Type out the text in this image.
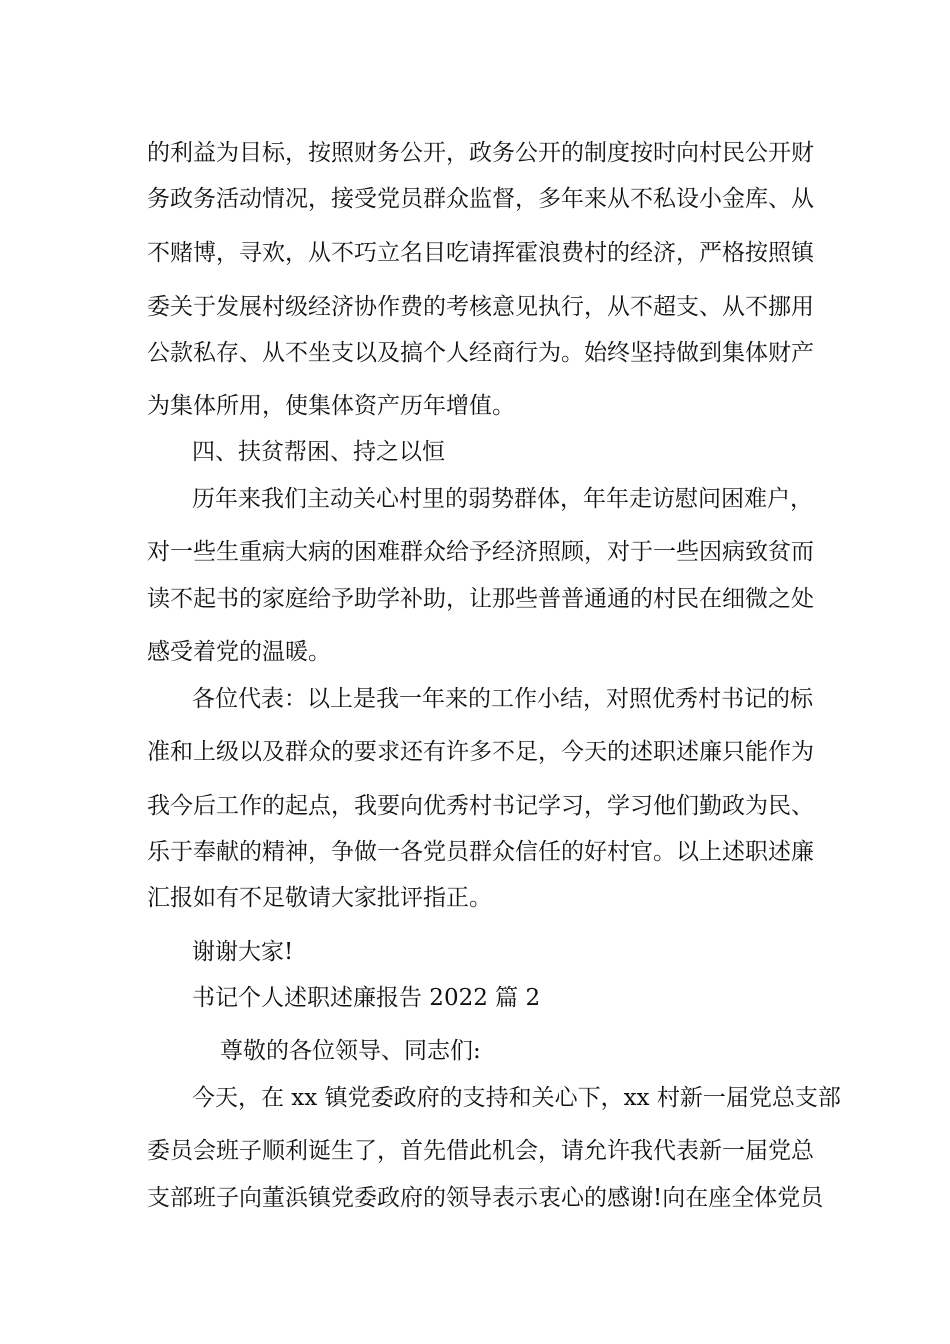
的利益为目标，按照财务公开，政务公开的制度按时向村民公开财
务政务活动情况，接受党员群众监督，多年来从不私设小金库、从
不赌博，寻欢，从不巧立名目吃请挥霍浪费村的经济，严格按照镇
委关于发展村级经济协作费的考核意见执行，从不超支、从不挪用
公款私存、从不坐支以及搞个人经商行为。始终坚持做到集体财产
为集体所用，使集体资产历年增值。
四、扶贫帮困、持之以恒
历年来我们主动关心村里的弱势群体，年年走访慰问困难户，
对一些生重病大病的困难群众给予经济照顾，对于一些因病致贫而
读不起书的家庭给予助学补助，让那些普普通通的村民在细微之处
感受着党的温暖。
各位代表：以上是我一年来的工作小结，对照优秀村书记的标
准和上级以及群众的要求还有许多不足，今天的述职述廉只能作为
我今后工作的起点，我要向优秀村书记学习，学习他们勤政为民、
乐于奉献的精神，争做一各党员群众信任的好村官。以上述职述廉
汇报如有不足敬请大家批评指正。
谢谢大家!
书记个人述职述廉报告 2022 篇 2
尊敬的各位领导、同志们:
今天，在 xx 镇党委政府的支持和关心下，xx 村新一届党总支部
委员会班子顺利诞生了，首先借此机会，请允许我代表新一届党总
支部班子向董浜镇党委政府的领导表示衷心的感谢!向在座全体党员
